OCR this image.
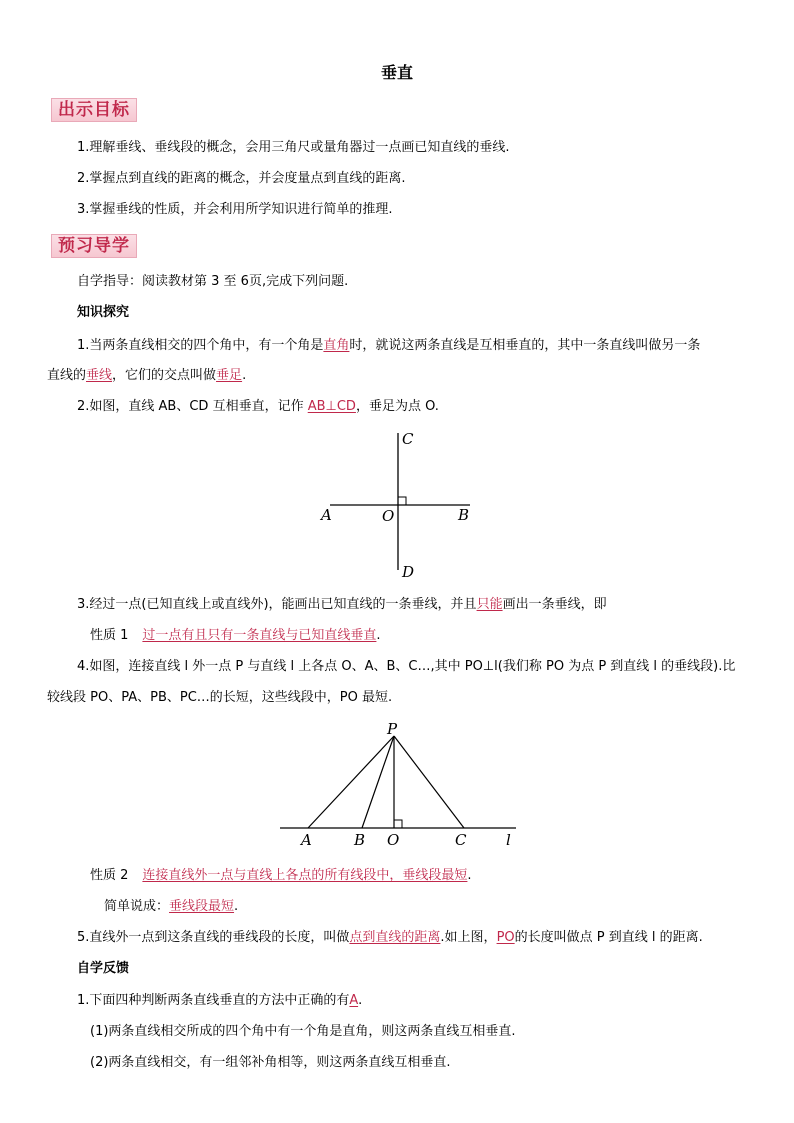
垂直
出示目标
1.理解垂线、垂线段的概念，会用三角尺或量角器过一点画已知直线的垂线.
2.掌握点到直线的距离的概念，并会度量点到直线的距离.
3.掌握垂线的性质，并会利用所学知识进行简单的推理.
预习导学
自学指导：阅读教材第 3 至 6页,完成下列问题.
知识探究
1.当两条直线相交的四个角中，有一个角是直角时，就说这两条直线是互相垂直的，其中一条直线叫做另一条
直线的垂线，它们的交点叫做垂足.
2.如图，直线 AB、CD 互相垂直，记作 AB⊥CD，垂足为点 O.
C
A	O	B
D
3.经过一点(已知直线上或直线外)，能画出已知直线的一条垂线，并且只能画出一条垂线，即
性质 1 过一点有且只有一条直线与已知直线垂直.
4.如图，连接直线 l 外一点 P 与直线 l 上各点 O、A、B、C…,其中 PO⊥l(我们称 PO 为点 P 到直线 l 的垂线段).比
较线段 PO、PA、PB、PC…的长短，这些线段中，PO 最短.
P
A	B O	C	l
性质 2 连接直线外一点与直线上各点的所有线段中，垂线段最短.
简单说成：垂线段最短.
5.直线外一点到这条直线的垂线段的长度，叫做点到直线的距离.如上图，PO的长度叫做点 P 到直线 l 的距离.
自学反馈
1.下面四种判断两条直线垂直的方法中正确的有A.
(1)两条直线相交所成的四个角中有一个角是直角，则这两条直线互相垂直.
(2)两条直线相交，有一组邻补角相等，则这两条直线互相垂直.
